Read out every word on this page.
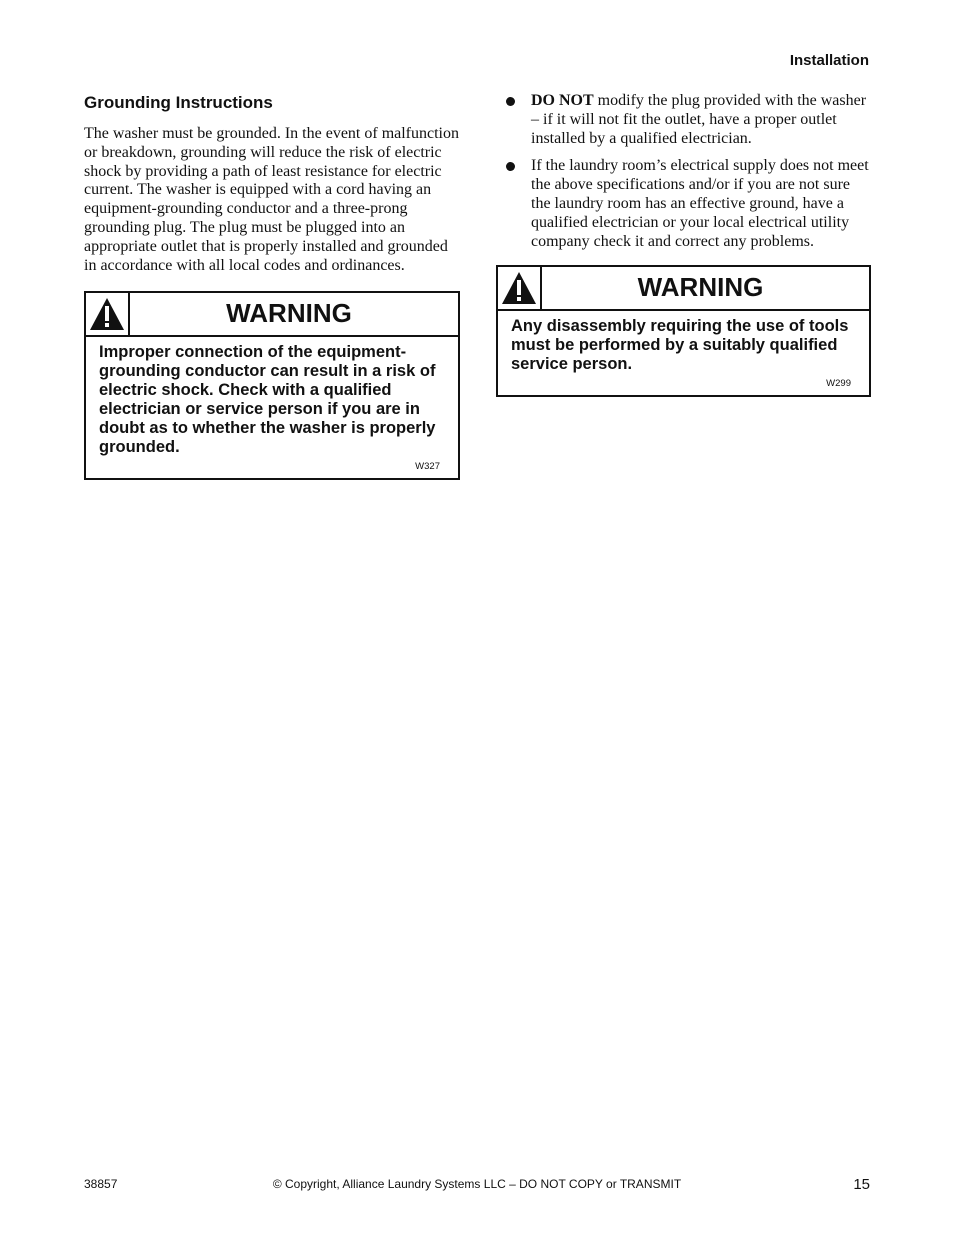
Installation
Grounding Instructions

The washer must be grounded. In the event of malfunction or breakdown, grounding will reduce the risk of electric shock by providing a path of least resistance for electric current. The washer is equipped with a cord having an equipment-grounding conductor and a three-prong grounding plug. The plug must be plugged into an appropriate outlet that is properly installed and grounded in accordance with all local codes and ordinances.

WARNING
Improper connection of the equipment-grounding conductor can result in a risk of electric shock. Check with a qualified electrician or service person if you are in doubt as to whether the washer is properly grounded.
W327
DO NOT modify the plug provided with the washer – if it will not fit the outlet, have a proper outlet installed by a qualified electrician.
If the laundry room’s electrical supply does not meet the above specifications and/or if you are not sure the laundry room has an effective ground, have a qualified electrician or your local electrical utility company check it and correct any problems.
WARNING
Any disassembly requiring the use of tools must be performed by a suitably qualified service person.
W299
© Copyright, Alliance Laundry Systems LLC – DO NOT COPY or TRANSMIT
38857	15
